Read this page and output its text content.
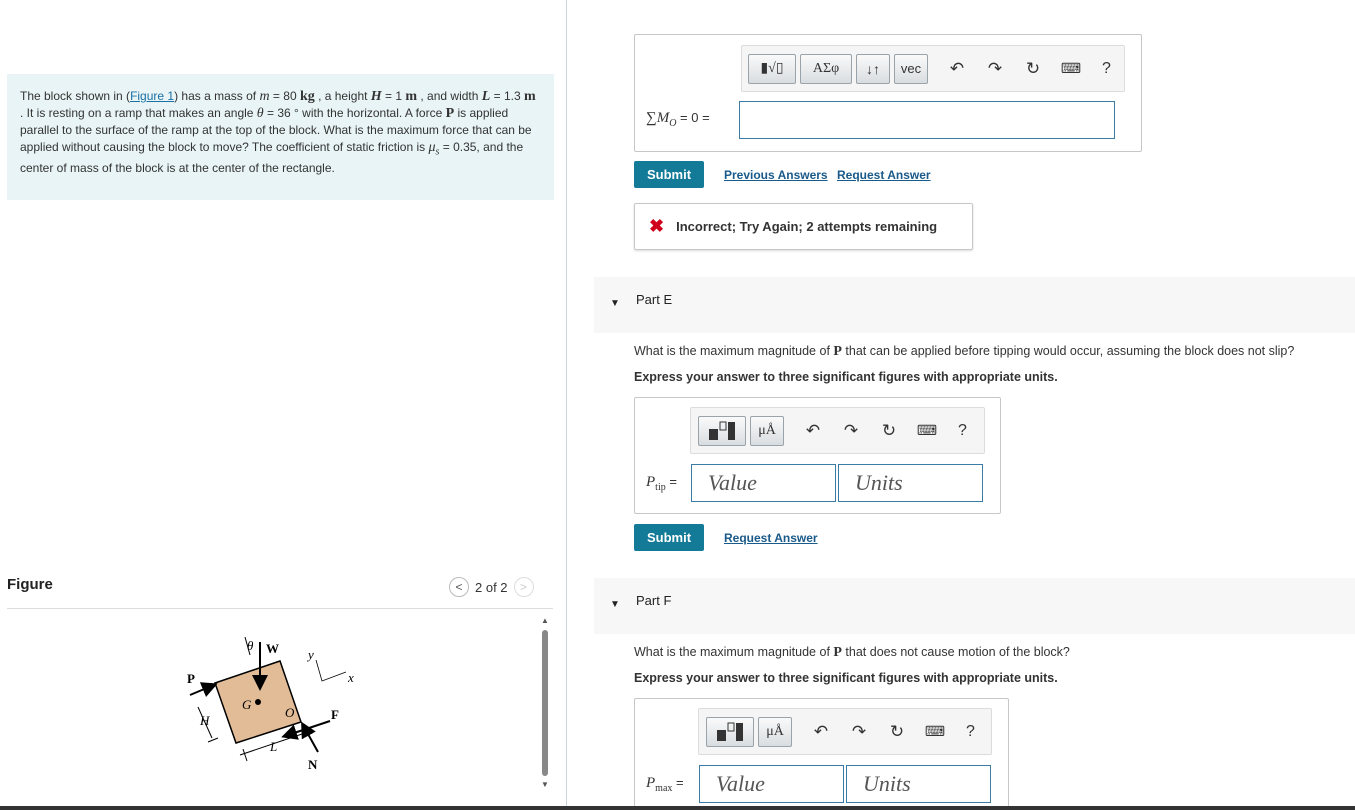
The block shown in (Figure 1) has a mass of m = 80 kg , a height H = 1 m , and width L = 1.3 m . It is resting on a ramp that makes an angle θ = 36 ° with the horizontal. A force P is applied parallel to the surface of the ramp at the top of the block. What is the maximum force that can be applied without causing the block to move? The coefficient of static friction is $\mu_s = 0.35$, and the center of mass of the block is at the center of the rectangle.
Figure	< 2 of 2 >
P
H
G
O
L
N
F
W y
x
θ
▲
▼
▮√▯	ΑΣφ	↓↑	vec	↶	↷	↻	⌨ ?
$\sum M_O = 0$ =
Submit	Previous Answers Request Answer
✖ Incorrect; Try Again; 2 attempts remaining
▼ Part E
What is the maximum magnitude of P that can be applied before tipping would occur, assuming the block does not slip?
Express your answer to three significant figures with appropriate units.
μÅ	↶	↷	↻	⌨ ?
$P_{tip}$ =	Value	Units
Submit	Request Answer
▼ Part F
What is the maximum magnitude of P that does not cause motion of the block?
Express your answer to three significant figures with appropriate units.
μÅ	↶	↷	↻	⌨ ?
$P_{max}$ =	Value	Units
